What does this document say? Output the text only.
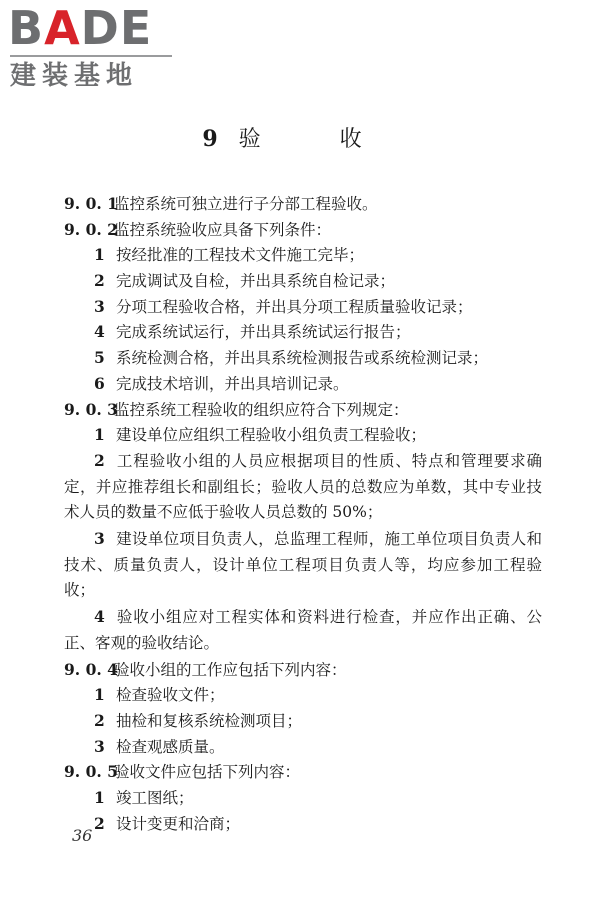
BADE
建装基地
9 验 收
9. 0. 1监控系统可独立进行子分部工程验收。
9. 0. 2监控系统验收应具备下列条件：
1 按经批准的工程技术文件施工完毕；
2 完成调试及自检，并出具系统自检记录；
3 分项工程验收合格，并出具分项工程质量验收记录；
4 完成系统试运行，并出具系统试运行报告；
5 系统检测合格，并出具系统检测报告或系统检测记录；
6 完成技术培训，并出具培训记录。
9. 0. 3监控系统工程验收的组织应符合下列规定：
1 建设单位应组织工程验收小组负责工程验收；
2 工程验收小组的人员应根据项目的性质、特点和管理要求确定，并应推荐组长和副组长；验收人员的总数应为单数，其中专业技术人员的数量不应低于验收人员总数的 50%；
3 建设单位项目负责人，总监理工程师，施工单位项目负责人和技术、质量负责人，设计单位工程项目负责人等，均应参加工程验收；
4 验收小组应对工程实体和资料进行检查，并应作出正确、公正、客观的验收结论。
9. 0. 4验收小组的工作应包括下列内容：
1 检查验收文件；
2 抽检和复核系统检测项目；
3 检查观感质量。
9. 0. 5验收文件应包括下列内容：
1 竣工图纸；
2 设计变更和洽商；
36
